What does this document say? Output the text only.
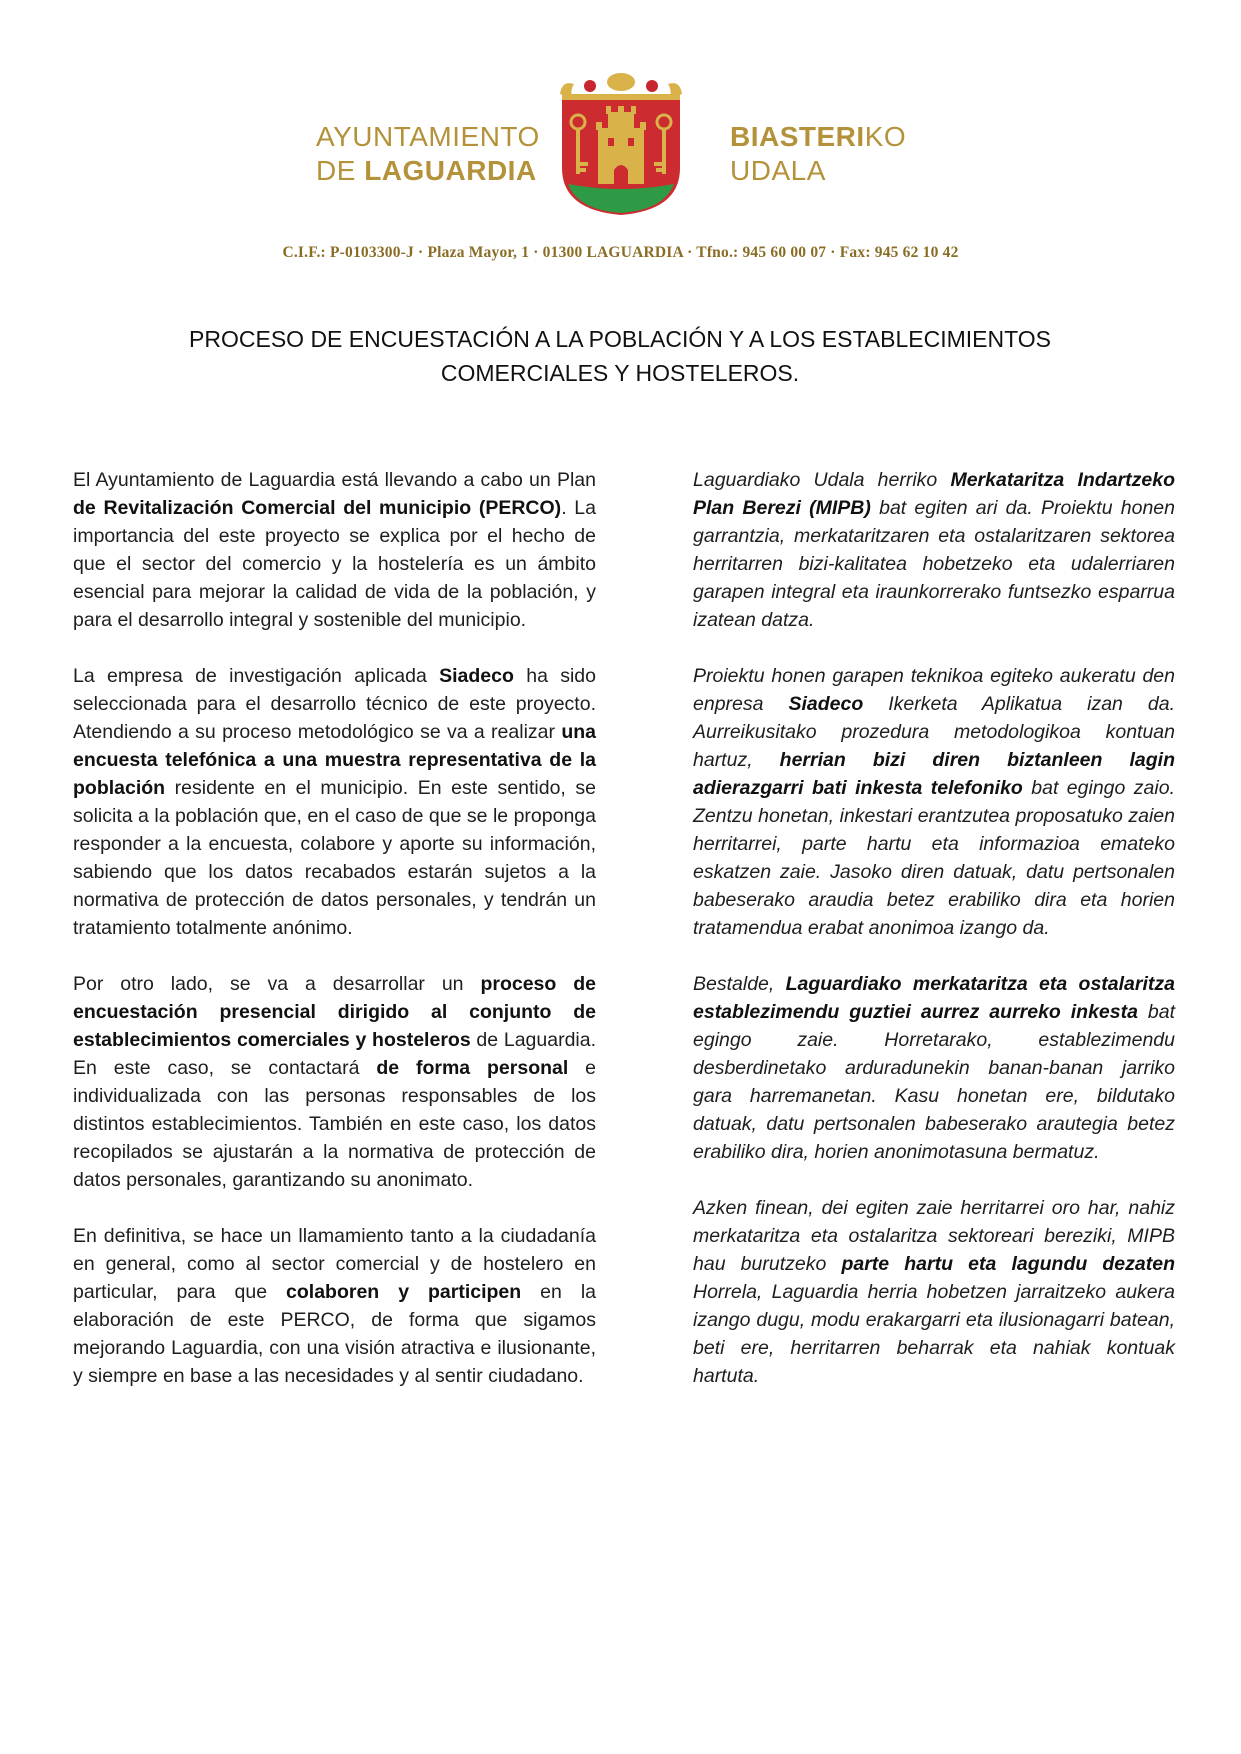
AYUNTAMIENTO
DE LAGUARDIA
BIASTERIKO
UDALA
C.I.F.: P-0103300-J · Plaza Mayor, 1 · 01300 LAGUARDIA · Tfno.: 945 60 00 07 · Fax: 945 62 10 42
PROCESO DE ENCUESTACIÓN A LA POBLACIÓN Y A LOS ESTABLECIMIENTOS
COMERCIALES Y HOSTELEROS.

El Ayuntamiento de Laguardia está llevando a cabo un Plan de Revitalización Comercial del municipio (PERCO). La importancia del este proyecto se explica por el hecho de que el sector del comercio y la hostelería es un ámbito esencial para mejorar la calidad de vida de la población, y para el desarrollo integral y sostenible del municipio.

La empresa de investigación aplicada Siadeco ha sido seleccionada para el desarrollo técnico de este proyecto. Atendiendo a su proceso metodológico se va a realizar una encuesta telefónica a una muestra representativa de la población residente en el municipio. En este sentido, se solicita a la población que, en el caso de que se le proponga responder a la encuesta, colabore y aporte su información, sabiendo que los datos recabados estarán sujetos a la normativa de protección de datos personales, y tendrán un tratamiento totalmente anónimo.

Por otro lado, se va a desarrollar un proceso de encuestación presencial dirigido al conjunto de establecimientos comerciales y hosteleros de Laguardia. En este caso, se contactará de forma personal e individualizada con las personas responsables de los distintos establecimientos. También en este caso, los datos recopilados se ajustarán a la normativa de protección de datos personales, garantizando su anonimato.

En definitiva, se hace un llamamiento tanto a la ciudadanía en general, como al sector comercial y de hostelero en particular, para que colaboren y participen en la elaboración de este PERCO, de forma que sigamos mejorando Laguardia, con una visión atractiva e ilusionante, y siempre en base a las necesidades y al sentir ciudadano.

Laguardiako Udala herriko Merkataritza Indartzeko Plan Berezi (MIPB) bat egiten ari da. Proiektu honen garrantzia, merkataritzaren eta ostalaritzaren sektorea herritarren bizi-kalitatea hobetzeko eta udalerriaren garapen integral eta iraunkorrerako funtsezko esparrua izatean datza.

Proiektu honen garapen teknikoa egiteko aukeratu den enpresa Siadeco Ikerketa Aplikatua izan da. Aurreikusitako prozedura metodologikoa kontuan hartuz, herrian bizi diren biztanleen lagin adierazgarri bati inkesta telefoniko bat egingo zaio. Zentzu honetan, inkestari erantzutea proposatuko zaien herritarrei, parte hartu eta informazioa emateko eskatzen zaie. Jasoko diren datuak, datu pertsonalen babeserako araudia betez erabiliko dira eta horien tratamendua erabat anonimoa izango da.

Bestalde, Laguardiako merkataritza eta ostalaritza establezimendu guztiei aurrez aurreko inkesta bat egingo zaie. Horretarako, establezimendu desberdinetako arduradunekin banan-banan jarriko gara harremanetan. Kasu honetan ere, bildutako datuak, datu pertsonalen babeserako arautegia betez erabiliko dira, horien anonimotasuna bermatuz.

Azken finean, dei egiten zaie herritarrei oro har, nahiz merkataritza eta ostalaritza sektoreari bereziki, MIPB hau burutzeko parte hartu eta lagundu dezaten Horrela, Laguardia herria hobetzen jarraitzeko aukera izango dugu, modu erakargarri eta ilusionagarri batean, beti ere, herritarren beharrak eta nahiak kontuak hartuta.
